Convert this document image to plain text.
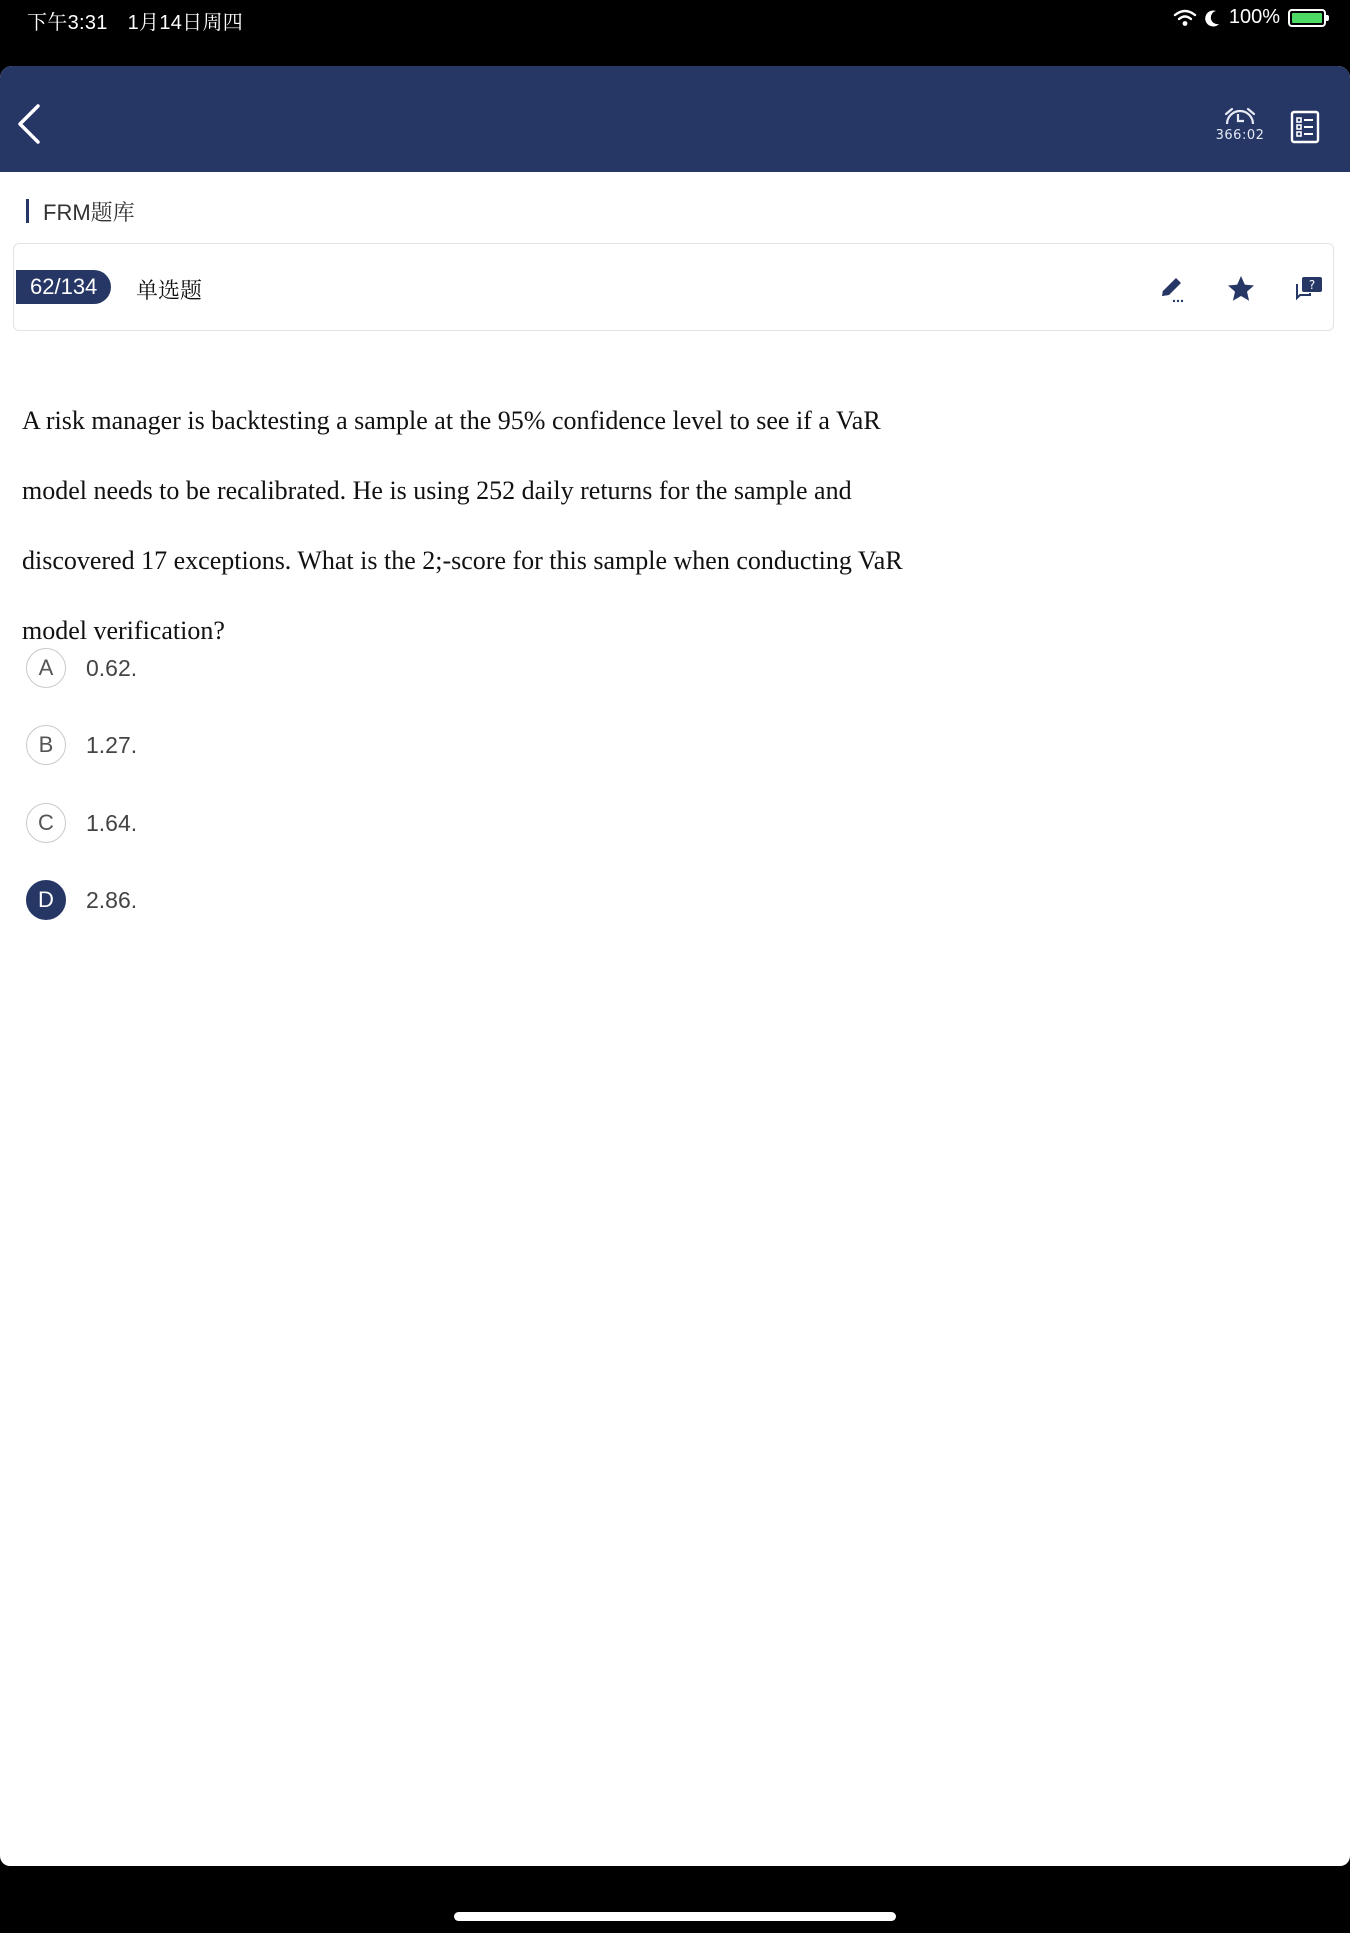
下午3:31 1月14日周四	100%
366:02
FRM题库
62/134	单选题	?
A risk manager is backtesting a sample at the 95% confidence level to see if a VaR
model needs to be recalibrated. He is using 252 daily returns for the sample and
discovered 17 exceptions. What is the 2;-score for this sample when conducting VaR
model verification?
A	0.62.
B	1.27.
C	1.64.
D	2.86.
